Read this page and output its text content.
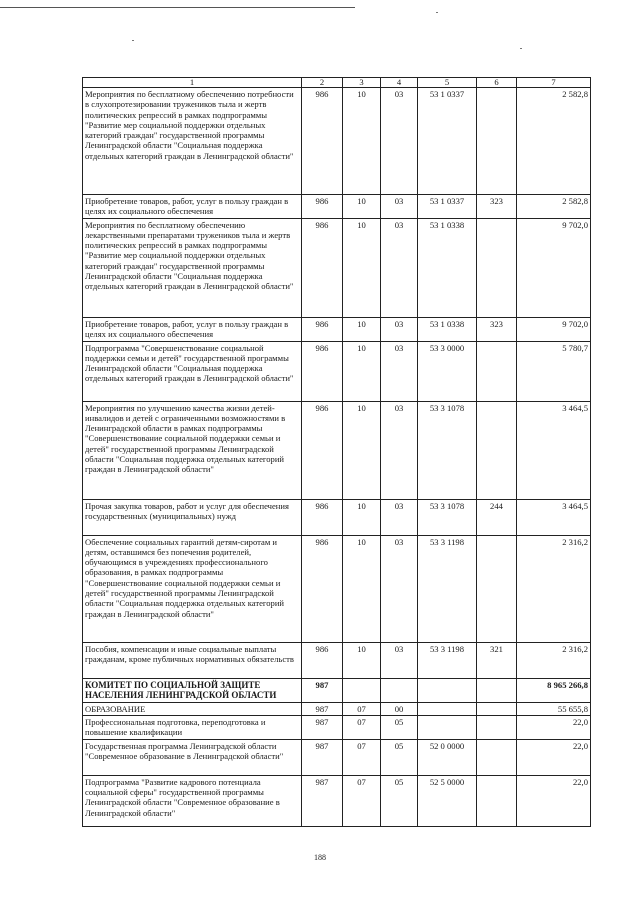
1	2	3	4	5	6	7
Мероприятия по бесплатному обеспечению потребности в слухопротезировании тружеников тыла и жертв политических репрессий в рамках подпрограммы "Развитие мер социальной поддержки отдельных категорий граждан" государственной программы Ленинградской области "Социальная поддержка отдельных категорий граждан в Ленинградской области"	986	10	03	53 1 0337		2 582,8
Приобретение товаров, работ, услуг в пользу граждан в целях их социального обеспечения	986	10	03	53 1 0337	323	2 582,8
Мероприятия по бесплатному обеспечению лекарственными препаратами тружеников тыла и жертв политических репрессий в рамках подпрограммы "Развитие мер социальной поддержки отдельных категорий граждан" государственной программы Ленинградской области "Социальная поддержка отдельных категорий граждан в Ленинградской области"	986	10	03	53 1 0338		9 702,0
Приобретение товаров, работ, услуг в пользу граждан в целях их социального обеспечения	986	10	03	53 1 0338	323	9 702,0
Подпрограмма "Совершенствование социальной поддержки семьи и детей" государственной программы Ленинградской области "Социальная поддержка отдельных категорий граждан в Ленинградской области"	986	10	03	53 3 0000		5 780,7
Мероприятия по улучшению качества жизни детей-инвалидов и детей с ограниченными возможностями в Ленинградской области в рамках подпрограммы "Совершенствование социальной поддержки семьи и детей" государственной программы Ленинградской области "Социальная поддержка отдельных категорий граждан в Ленинградской области"	986	10	03	53 3 1078		3 464,5
Прочая закупка товаров, работ и услуг для обеспечения государственных (муниципальных) нужд	986	10	03	53 3 1078	244	3 464,5
Обеспечение социальных гарантий детям-сиротам и детям, оставшимся без попечения родителей, обучающимся в учреждениях профессионального образования, в рамках подпрограммы "Совершенствование социальной поддержки семьи и детей" государственной программы Ленинградской области "Социальная поддержка отдельных категорий граждан в Ленинградской области"	986	10	03	53 3 1198		2 316,2
Пособия, компенсации и иные социальные выплаты гражданам, кроме публичных нормативных обязательств	986	10	03	53 3 1198	321	2 316,2
КОМИТЕТ ПО СОЦИАЛЬНОЙ ЗАЩИТЕ НАСЕЛЕНИЯ ЛЕНИНГРАДСКОЙ ОБЛАСТИ	987					8 965 266,8
ОБРАЗОВАНИЕ	987	07	00			55 655,8
Профессиональная подготовка, переподготовка и повышение квалификации	987	07	05			22,0
Государственная программа Ленинградской области "Современное образование в Ленинградской области"	987	07	05	52 0 0000		22,0
Подпрограмма "Развитие кадрового потенциала социальной сферы" государственной программы Ленинградской области "Современное образование в Ленинградской области"	987	07	05	52 5 0000		22,0
188
